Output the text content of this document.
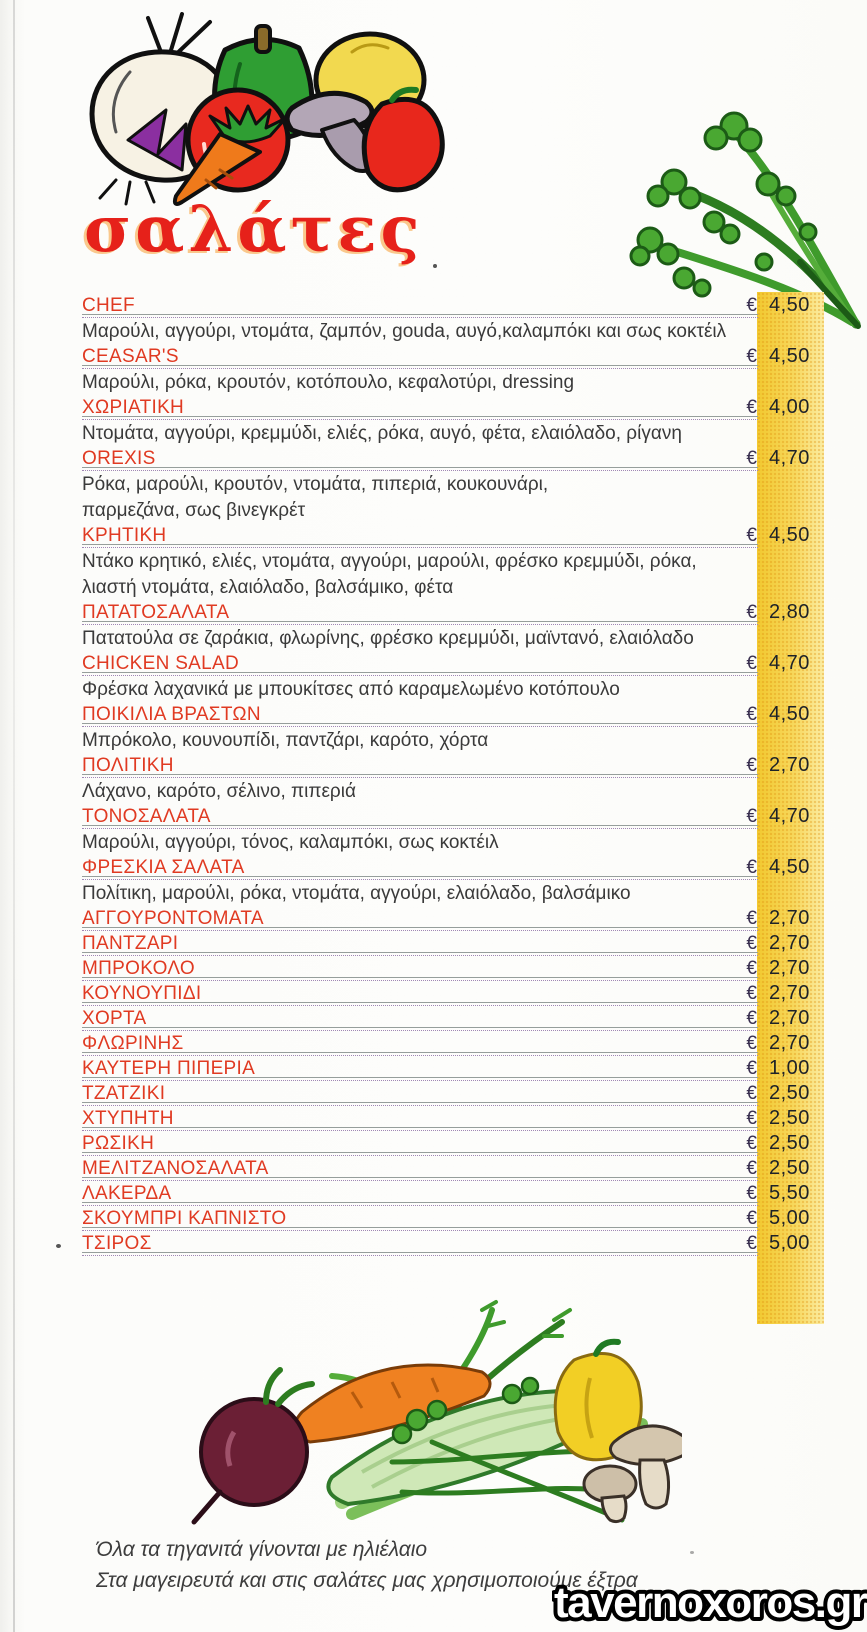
σαλάτες
CHEF	€ 4,50
Μαρούλι, αγγούρι, ντομάτα, ζαμπόν, gouda, αυγό,καλαμπόκι και σως κοκτέιλ
CEASAR'S	€ 4,50
Μαρούλι, ρόκα, κρουτόν, κοτόπουλο, κεφαλοτύρι, dressing
ΧΩΡΙΑΤΙΚΗ	€ 4,00
Ντομάτα, αγγούρι, κρεμμύδι, ελιές, ρόκα, αυγό, φέτα, ελαιόλαδο, ρίγανη
OREXIS	€ 4,70
Ρόκα, μαρούλι, κρουτόν, ντομάτα, πιπεριά, κουκουνάρι,
παρμεζάνα, σως βινεγκρέτ
ΚΡΗΤΙΚΗ	€ 4,50
Ντάκο κρητικό, ελιές, ντομάτα, αγγούρι, μαρούλι, φρέσκο κρεμμύδι, ρόκα,
λιαστή ντομάτα, ελαιόλαδο, βαλσάμικο, φέτα
ΠΑΤΑΤΟΣΑΛΑΤΑ	€ 2,80
Πατατούλα σε ζαράκια, φλωρίνης, φρέσκο κρεμμύδι, μαϊντανό, ελαιόλαδο
CHICKEN SALAD	€ 4,70
Φρέσκα λαχανικά με μπουκίτσες από καραμελωμένο κοτόπουλο
ΠΟΙΚΙΛΙΑ ΒΡΑΣΤΩΝ	€ 4,50
Μπρόκολο, κουνουπίδι, παντζάρι, καρότο, χόρτα
ΠΟΛΙΤΙΚΗ	€ 2,70
Λάχανο, καρότο, σέλινο, πιπεριά
ΤΟΝΟΣΑΛΑΤΑ	€ 4,70
Μαρούλι, αγγούρι, τόνος, καλαμπόκι, σως κοκτέιλ
ΦΡΕΣΚΙΑ ΣΑΛΑΤΑ	€ 4,50
Πολίτικη, μαρούλι, ρόκα, ντομάτα, αγγούρι, ελαιόλαδο, βαλσάμικο
ΑΓΓΟΥΡΟΝΤΟΜΑΤΑ	€ 2,70
ΠΑΝΤΖΑΡΙ	€ 2,70
ΜΠΡΟΚΟΛΟ	€ 2,70
ΚΟΥΝΟΥΠΙΔΙ	€ 2,70
ΧΟΡΤΑ	€ 2,70
ΦΛΩΡΙΝΗΣ	€ 2,70
ΚΑΥΤΕΡΗ ΠΙΠΕΡΙΑ	€ 1,00
ΤΖΑΤΖΙΚΙ	€ 2,50
ΧΤΥΠΗΤΗ	€ 2,50
ΡΩΣΙΚΗ	€ 2,50
ΜΕΛΙΤΖΑΝΟΣΑΛΑΤΑ	€ 2,50
ΛΑΚΕΡΔΑ	€ 5,50
ΣΚΟΥΜΠΡΙ ΚΑΠΝΙΣΤΟ	€ 5,00
ΤΣΙΡΟΣ	€ 5,00
Όλα τα τηγανιτά γίνονται με ηλιέλαιο
Στα μαγειρευτά και στις σαλάτες μας χρησιμοποιούμε έξτρα
tavernoxoros.gr
